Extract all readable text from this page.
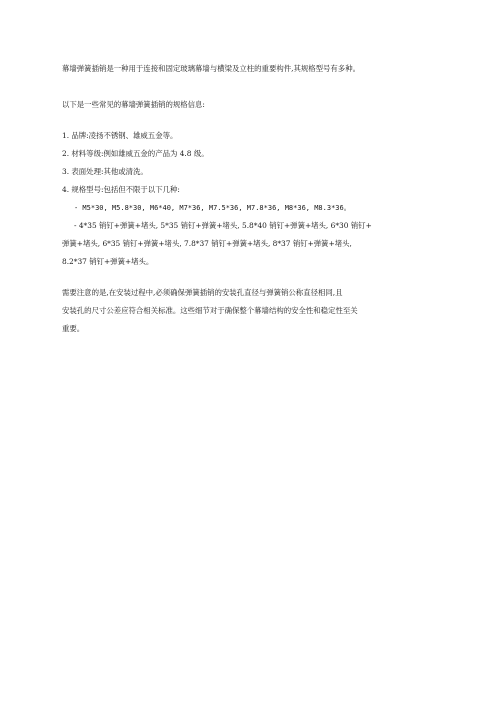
幕墙弹簧插销是一种用于连接和固定玻璃幕墙与横梁及立柱的重要构件,其规格型号有多种。

以下是一些常见的幕墙弹簧插销的规格信息:

1. 品牌:凌扬不锈钢、雄威五金等。

2. 材料等级:例如雄威五金的产品为 4.8 级。

3. 表面处理:其他或清洗。

4. 规格型号:包括但不限于以下几种:

- M5*30, M5.8*30, M6*40, M7*36, M7.5*36, M7.8*36, M8*36, M8.3*36。

- 4*35 销钉+弹簧+堵头, 5*35 销钉+弹簧+堵头, 5.8*40 销钉+弹簧+堵头, 6*30 销钉+

弹簧+堵头, 6*35 销钉+弹簧+堵头, 7.8*37 销钉+弹簧+堵头, 8*37 销钉+弹簧+堵头,

8.2*37 销钉+弹簧+堵头。

需要注意的是,在安装过程中,必须确保弹簧插销的安装孔直径与弹簧销公称直径相同,且

安装孔的尺寸公差应符合相关标准。这些细节对于确保整个幕墙结构的安全性和稳定性至关

重要。
